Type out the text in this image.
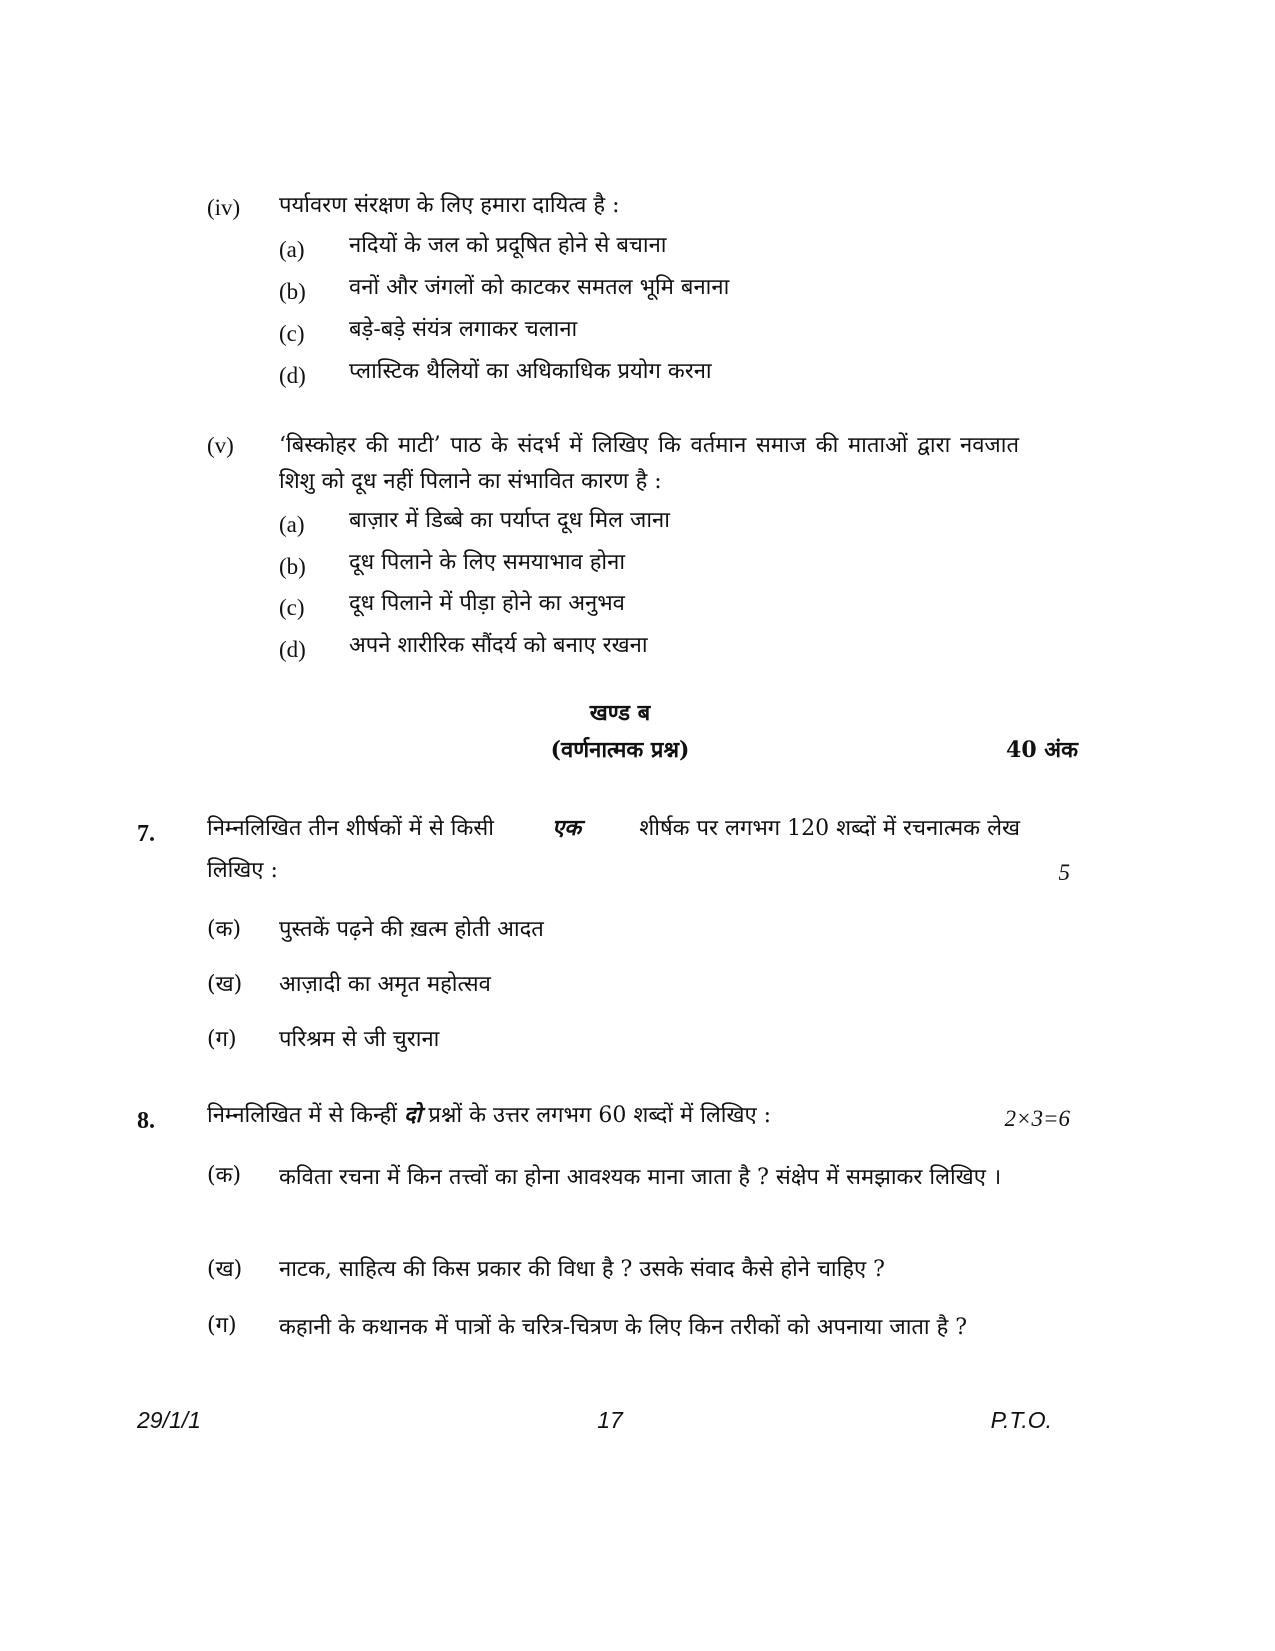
(iv) पर्यावरण संरक्षण के लिए हमारा दायित्व है :
(a) नदियों के जल को प्रदूषित होने से बचाना
(b) वनों और जंगलों को काटकर समतल भूमि बनाना
(c) बड़े-बड़े संयंत्र लगाकर चलाना
(d) प्लास्टिक थैलियों का अधिकाधिक प्रयोग करना
(v) ‘बिस्कोहर की माटी’ पाठ के संदर्भ में लिखिए कि वर्तमान समाज की माताओं द्वारा नवजात शिशु को दूध नहीं पिलाने का संभावित कारण है :
(a) बाज़ार में डिब्बे का पर्याप्त दूध मिल जाना
(b) दूध पिलाने के लिए समयाभाव होना
(c) दूध पिलाने में पीड़ा होने का अनुभव
(d) अपने शारीरिक सौंदर्य को बनाए रखना
खण्ड ब
(वर्णनात्मक प्रश्न)	40 अंक
7. निम्नलिखित तीन शीर्षकों में से किसी	एक	शीर्षक पर लगभग 120 शब्दों में रचनात्मक लेख
लिखिए :	5
(क) पुस्तकें पढ़ने की ख़त्म होती आदत
(ख) आज़ादी का अमृत महोत्सव
(ग) परिश्रम से जी चुराना
8. निम्नलिखित में से किन्हीं दो प्रश्नों के उत्तर लगभग 60 शब्दों में लिखिए :	2×3=6
(क) कविता रचना में किन तत्त्वों का होना आवश्यक माना जाता है ? संक्षेप में समझाकर लिखिए ।
(ख) नाटक, साहित्य की किस प्रकार की विधा है ? उसके संवाद कैसे होने चाहिए ?
(ग) कहानी के कथानक में पात्रों के चरित्र-चित्रण के लिए किन तरीकों को अपनाया जाता है ?
29/1/1	17	P.T.O.
